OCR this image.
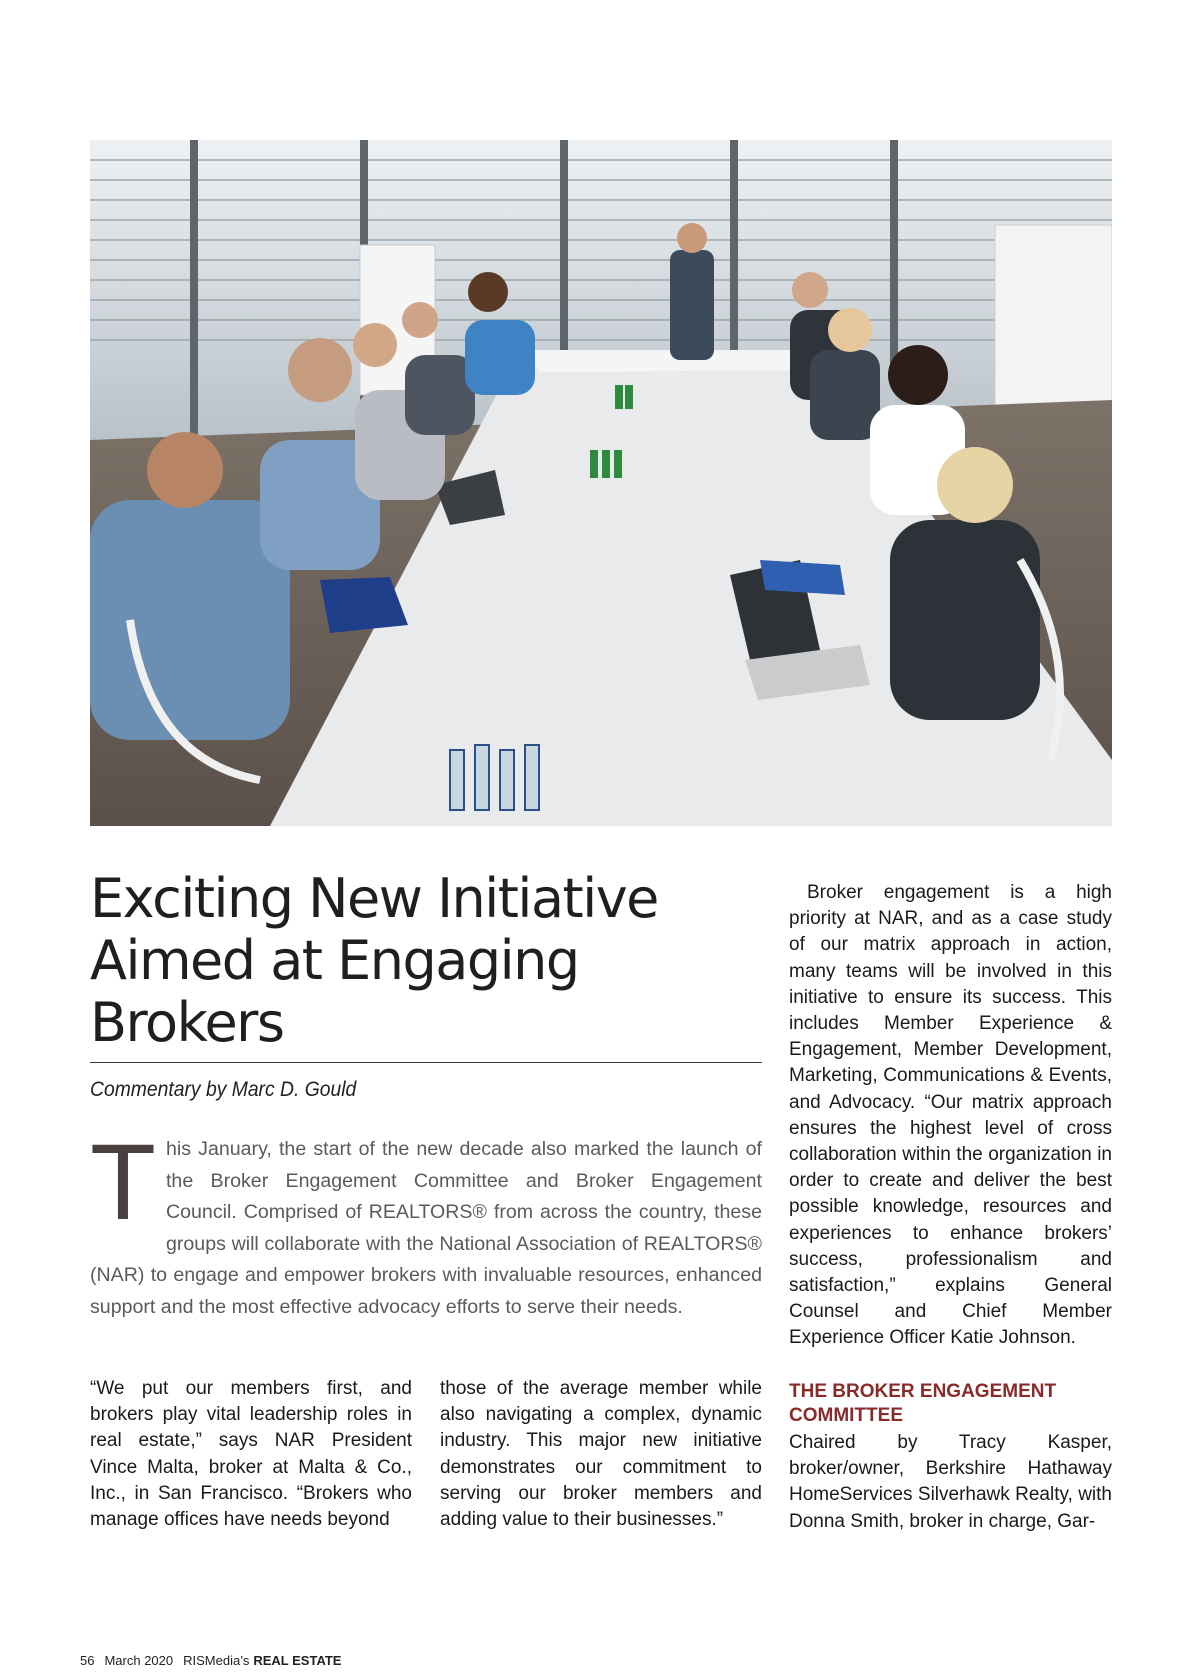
Exciting New Initiative
Aimed at Engaging
Brokers
Commentary by Marc D. Gould

This January, the start of the new decade also marked the launch of the Broker Engagement Committee and Broker Engagement Council. Comprised of REALTORS® from across the country, these groups will collaborate with the National Association of REALTORS® (NAR) to engage and empower brokers with invaluable resources, enhanced support and the most effective advocacy efforts to serve their needs.

“We put our members first, and brokers play vital leadership roles in real estate,” says NAR President Vince Malta, broker at Malta & Co., Inc., in San Francisco. “Brokers who manage offices have needs beyond

those of the average member while also navigating a complex, dynamic industry. This major new initiative demonstrates our commitment to serving our broker members and adding value to their businesses.”

Broker engagement is a high priority at NAR, and as a case study of our matrix approach in action, many teams will be involved in this initiative to ensure its success. This includes Member Experience & Engagement, Member Development, Marketing, Communications & Events, and Advocacy. “Our matrix approach ensures the highest level of cross collaboration within the organization in order to create and deliver the best possible knowledge, resources and experiences to enhance brokers’ success, professionalism and satisfaction,” explains General Counsel and Chief Member Experience Officer Katie Johnson.

THE BROKER ENGAGEMENT COMMITTEE

Chaired by Tracy Kasper, broker/owner, Berkshire Hathaway HomeServices Silverhawk Realty, with Donna Smith, broker in charge, Gar-

56 March 2020 RISMedia’s REAL ESTATE
